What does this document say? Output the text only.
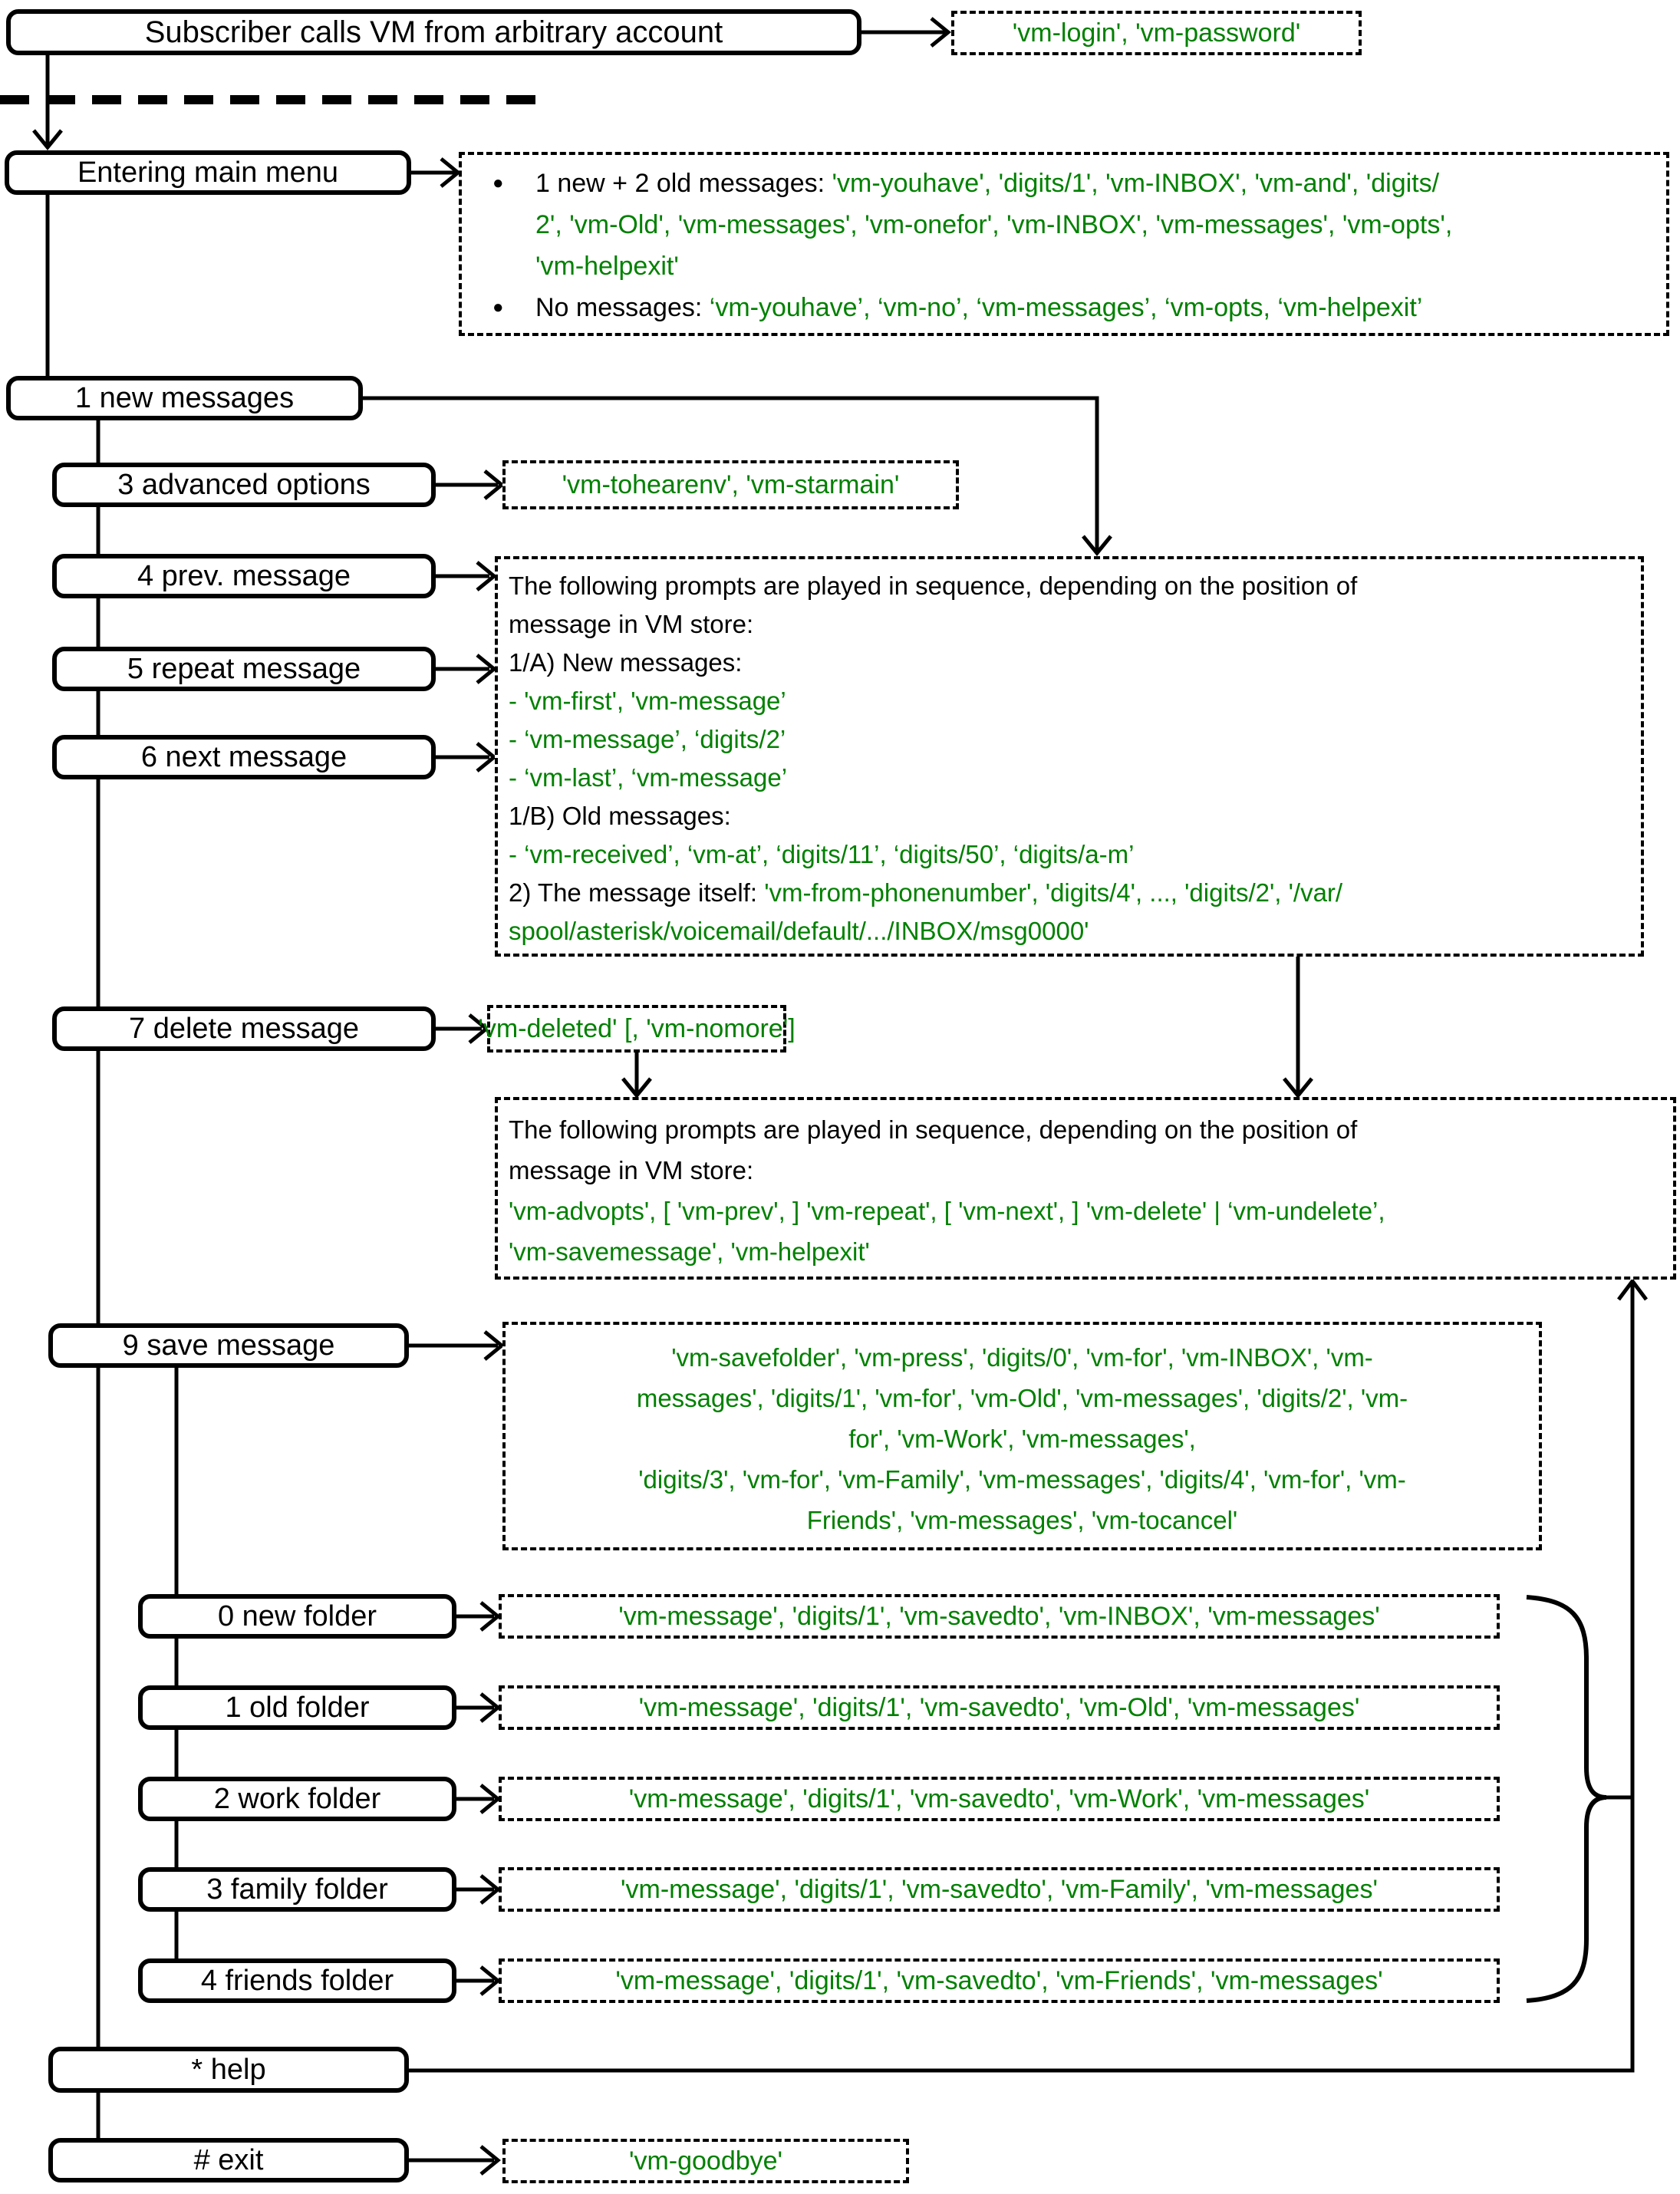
Subscriber calls VM from arbitrary account
Entering main menu
1 new messages
3 advanced options
4 prev. message
5 repeat message
6 next message
7 delete message
9 save message
0 new folder
1 old folder
2 work folder
3 family folder
4 friends folder
* help
# exit
'vm-login', 'vm-password'
● 1 new + 2 old messages: 'vm-youhave', 'digits/1', 'vm-INBOX', 'vm-and', 'digits/
2', 'vm-Old', 'vm-messages', 'vm-onefor', 'vm-INBOX', 'vm-messages', 'vm-opts',
'vm-helpexit'
● No messages: ‘vm-youhave’, ‘vm-no’, ‘vm-messages’, ‘vm-opts, ‘vm-helpexit’
'vm-tohearenv', 'vm-starmain'
The following prompts are played in sequence, depending on the position of
message in VM store:
1/A) New messages:
- 'vm-first', 'vm-message’
- ‘vm-message’, ‘digits/2’
- ‘vm-last’, ‘vm-message’
1/B) Old messages:
- ‘vm-received’, ‘vm-at’, ‘digits/11’, ‘digits/50’, ‘digits/a-m’
2) The message itself: 'vm-from-phonenumber', 'digits/4', ..., 'digits/2', '/var/
spool/asterisk/voicemail/default/.../INBOX/msg0000'
'vm-deleted' [, 'vm-nomore']
The following prompts are played in sequence, depending on the position of
message in VM store:
'vm-advopts', [ 'vm-prev', ] 'vm-repeat', [ 'vm-next', ] 'vm-delete' | ‘vm-undelete’,
'vm-savemessage', 'vm-helpexit'
'vm-savefolder', 'vm-press', 'digits/0', 'vm-for', 'vm-INBOX', 'vm-
messages', 'digits/1', 'vm-for', 'vm-Old', 'vm-messages', 'digits/2', 'vm-
for', 'vm-Work', 'vm-messages',
'digits/3', 'vm-for', 'vm-Family', 'vm-messages', 'digits/4', 'vm-for', 'vm-
Friends', 'vm-messages', 'vm-tocancel'
'vm-message', 'digits/1', 'vm-savedto', 'vm-INBOX', 'vm-messages'
'vm-message', 'digits/1', 'vm-savedto', 'vm-Old', 'vm-messages'
'vm-message', 'digits/1', 'vm-savedto', 'vm-Work', 'vm-messages'
'vm-message', 'digits/1', 'vm-savedto', 'vm-Family', 'vm-messages'
'vm-message', 'digits/1', 'vm-savedto', 'vm-Friends', 'vm-messages'
'vm-goodbye'
